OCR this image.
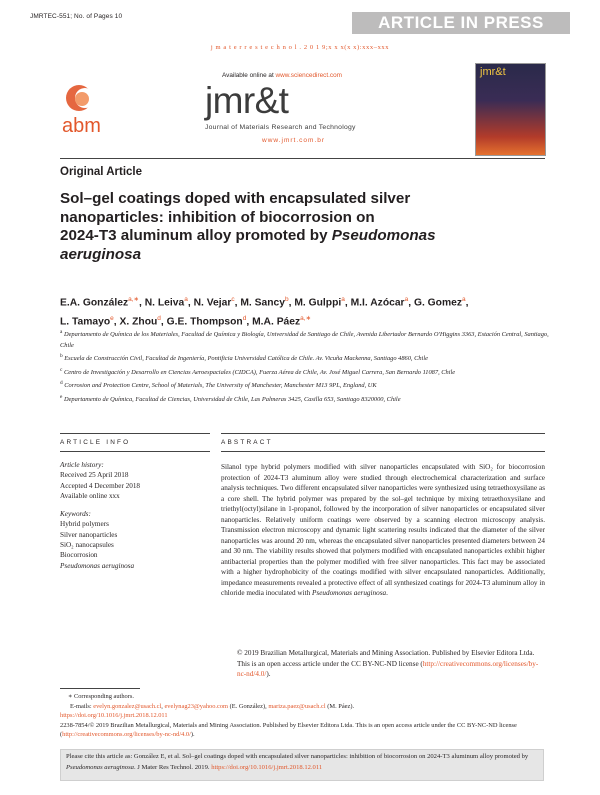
JMRTEC-551; No. of Pages 10	ARTICLE IN PRESS
j m a t e r r e s t e c h n o l . 2 0 1 9;x x x(x x):xxx–xxx
Available online at www.sciencedirect.com
abm
jmr&t
Journal of Materials Research and Technology
www.jmrt.com.br
jmr&t
Original Article
Sol–gel coatings doped with encapsulated silver
nanoparticles: inhibition of biocorrosion on
2024-T3 aluminum alloy promoted by Pseudomonas
aeruginosa
E.A. González$^{a,∗}$, N. Leiva$^a$, N. Vejar$^c$, M. Sancy$^b$, M. Gulppi$^a$, M.I. Azócar$^a$, G. Gomez$^a$,
L. Tamayo$^e$, X. Zhou$^d$, G.E. Thompson$^d$, M.A. Páez$^{a,∗}$

$^a$ Departamento de Química de los Materiales, Facultad de Química y Biología, Universidad de Santiago de Chile, Avenida Libertador Bernardo O'Higgins 3363, Estación Central, Santiago, Chile

$^b$ Escuela de Construcción Civil, Facultad de Ingeniería, Pontificia Universidad Católica de Chile. Av. Vicuña Mackenna, Santiago 4860, Chile

$^c$ Centro de Investigación y Desarrollo en Ciencias Aeroespaciales (CIDCA), Fuerza Aérea de Chile, Av. José Miguel Carrera, San Bernardo 11087, Chile

$^d$ Corrosion and Protection Centre, School of Materials, The University of Manchester, Manchester M13 9PL, England, UK

$^e$ Departamento de Química, Facultad de Ciencias, Universidad de Chile, Las Palmeras 3425, Casilla 653, Santiago 8320000, Chile

ARTICLE INFO	ABSTRACT
Article history:
Received 25 April 2018
Accepted 4 December 2018
Available online xxx
Keywords:
Hybrid polymers
Silver nanoparticles
SiO₂ nanocapsules
Biocorrosion
Pseudomonas aeruginosa
Silanol type hybrid polymers modified with silver nanoparticles encapsulated with SiO₂ for biocorrosion protection of 2024-T3 aluminum alloy were studied through electrochemical characterization and surface analysis techniques. Two different encapsulated silver nanoparticles were synthesized using tetraethoxysilane as a core shell. The hybrid polymer was prepared by the sol–gel technique by mixing tetraethoxysilane and triethyl(octyl)silane in 1-propanol, followed by the incorporation of silver nanoparticles or encapsulated silver nanoparticles. Relatively uniform coatings were observed by a scanning electron microscopy analysis. Transmission electron microscopy and dynamic light scattering results indicated that the diameter of the silver nanoparticles was around 20 nm, whereas the encapsulated silver nanoparticles presented diameters between 24 and 30 nm. The viability results showed that polymers modified with encapsulated nanoparticles exhibit higher antibacterial properties than the polymer modified with free silver nanoparticles. This fact may be associated with a higher hydrophobicity of the coatings modified with silver encapsulated nanoparticles. Additionally, impedance measurements revealed a protective effect of all synthesized coatings for 2024-T3 aluminum alloy in chloride media inoculated with Pseudomonas aeruginosa.
© 2019 Brazilian Metallurgical, Materials and Mining Association. Published by Elsevier Editora Ltda. This is an open access article under the CC BY-NC-ND license (http://creativecommons.org/licenses/by-nc-nd/4.0/).
∗ Corresponding authors.
E-mails: evelyn.gonzalez@usach.cl, evelynag23@yahoo.com (E. González), mariza.paez@usach.cl (M. Páez).
https://doi.org/10.1016/j.jmrt.2018.12.011
2238-7854/© 2019 Brazilian Metallurgical, Materials and Mining Association. Published by Elsevier Editora Ltda. This is an open access article under the CC BY-NC-ND license (http://creativecommons.org/licenses/by-nc-nd/4.0/).
Please cite this article as: González E, et al. Sol–gel coatings doped with encapsulated silver nanoparticles: inhibition of biocorrosion on 2024-T3 aluminum alloy promoted by Pseudomonas aeruginosa. J Mater Res Technol. 2019. https://doi.org/10.1016/j.jmrt.2018.12.011
